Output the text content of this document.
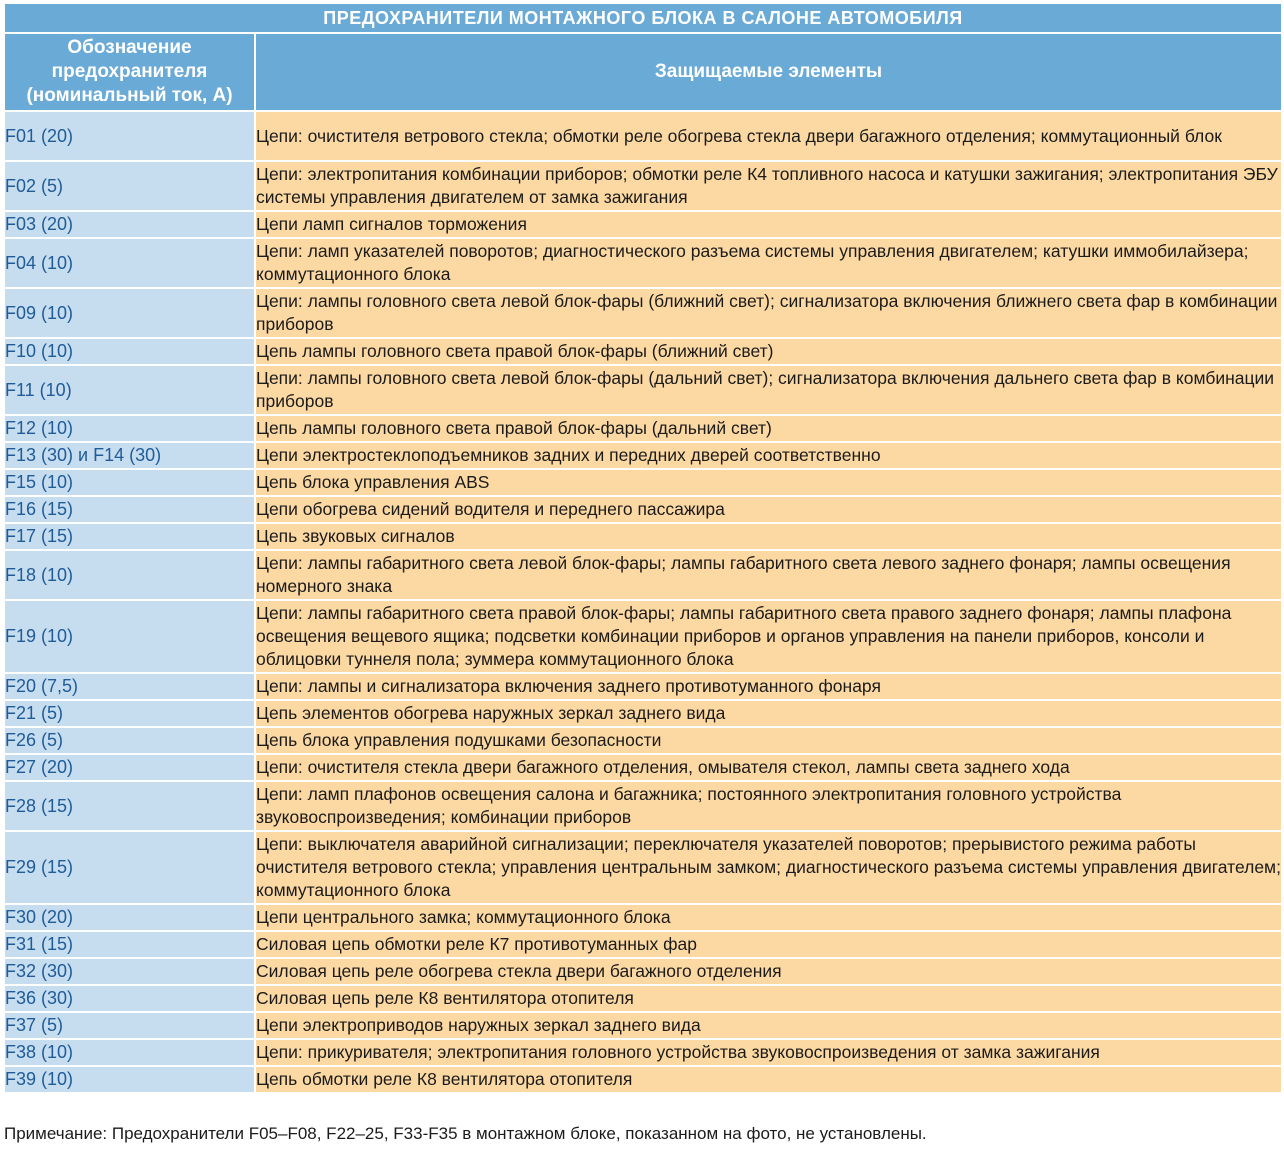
ПРЕДОХРАНИТЕЛИ МОНТАЖНОГО БЛОКА В САЛОНЕ АВТОМОБИЛЯ	
Обозначение предохранителя (номинальный ток, А)	Защищаемые элементы
F01 (20)	Цепи: очистителя ветрового стекла; обмотки реле обогрева стекла двери багажного отделения; коммутационный блок
F02 (5)	Цепи: электропитания комбинации приборов; обмотки реле К4 топливного насоса и катушки зажигания; электропитания ЭБУ системы управления двигателем от замка зажигания
F03 (20)	Цепи ламп сигналов торможения
F04 (10)	Цепи: ламп указателей поворотов; диагностического разъема системы управления двигателем; катушки иммобилайзера; коммутационного блока
F09 (10)	Цепи: лампы головного света левой блок-фары (ближний свет); сигнализатора включения ближнего света фар в комбинации приборов
F10 (10)	Цепь лампы головного света правой блок-фары (ближний свет)
F11 (10)	Цепи: лампы головного света левой блок-фары (дальний свет); сигнализатора включения дальнего света фар в комбинации приборов
F12 (10)	Цепь лампы головного света правой блок-фары (дальний свет)
F13 (30) и F14 (30)	Цепи электростеклоподъемников задних и передних дверей соответственно
F15 (10)	Цепь блока управления ABS
F16 (15)	Цепи обогрева сидений водителя и переднего пассажира
F17 (15)	Цепь звуковых сигналов
F18 (10)	Цепи: лампы габаритного света левой блок-фары; лампы габаритного света левого заднего фонаря; лампы освещения номерного знака
F19 (10)	Цепи: лампы габаритного света правой блок-фары; лампы габаритного света правого заднего фонаря; лампы плафона освещения вещевого ящика; подсветки комбинации приборов и органов управления на панели приборов, консоли и облицовки туннеля пола; зуммера коммутационного блока
F20 (7,5)	Цепи: лампы и сигнализатора включения заднего противотуманного фонаря
F21 (5)	Цепь элементов обогрева наружных зеркал заднего вида
F26 (5)	Цепь блока управления подушками безопасности
F27 (20)	Цепи: очистителя стекла двери багажного отделения, омывателя стекол, лампы света заднего хода
F28 (15)	Цепи: ламп плафонов освещения салона и багажника; постоянного электропитания головного устройства звуковоспроизведения; комбинации приборов
F29 (15)	Цепи: выключателя аварийной сигнализации; переключателя указателей поворотов; прерывистого режима работы очистителя ветрового стекла; управления центральным замком; диагностического разъема системы управления двигателем; коммутационного блока
F30 (20)	Цепи центрального замка; коммутационного блока
F31 (15)	Силовая цепь обмотки реле К7 противотуманных фар
F32 (30)	Силовая цепь реле обогрева стекла двери багажного отделения
F36 (30)	Силовая цепь реле К8 вентилятора отопителя
F37 (5)	Цепи электроприводов наружных зеркал заднего вида
F38 (10)	Цепи: прикуривателя; электропитания головного устройства звуковоспроизведения от замка зажигания
F39 (10)	Цепь обмотки реле К8 вентилятора отопителя
Примечание: Предохранители F05–F08, F22–25, F33-F35 в монтажном блоке, показанном на фото, не установлены.
